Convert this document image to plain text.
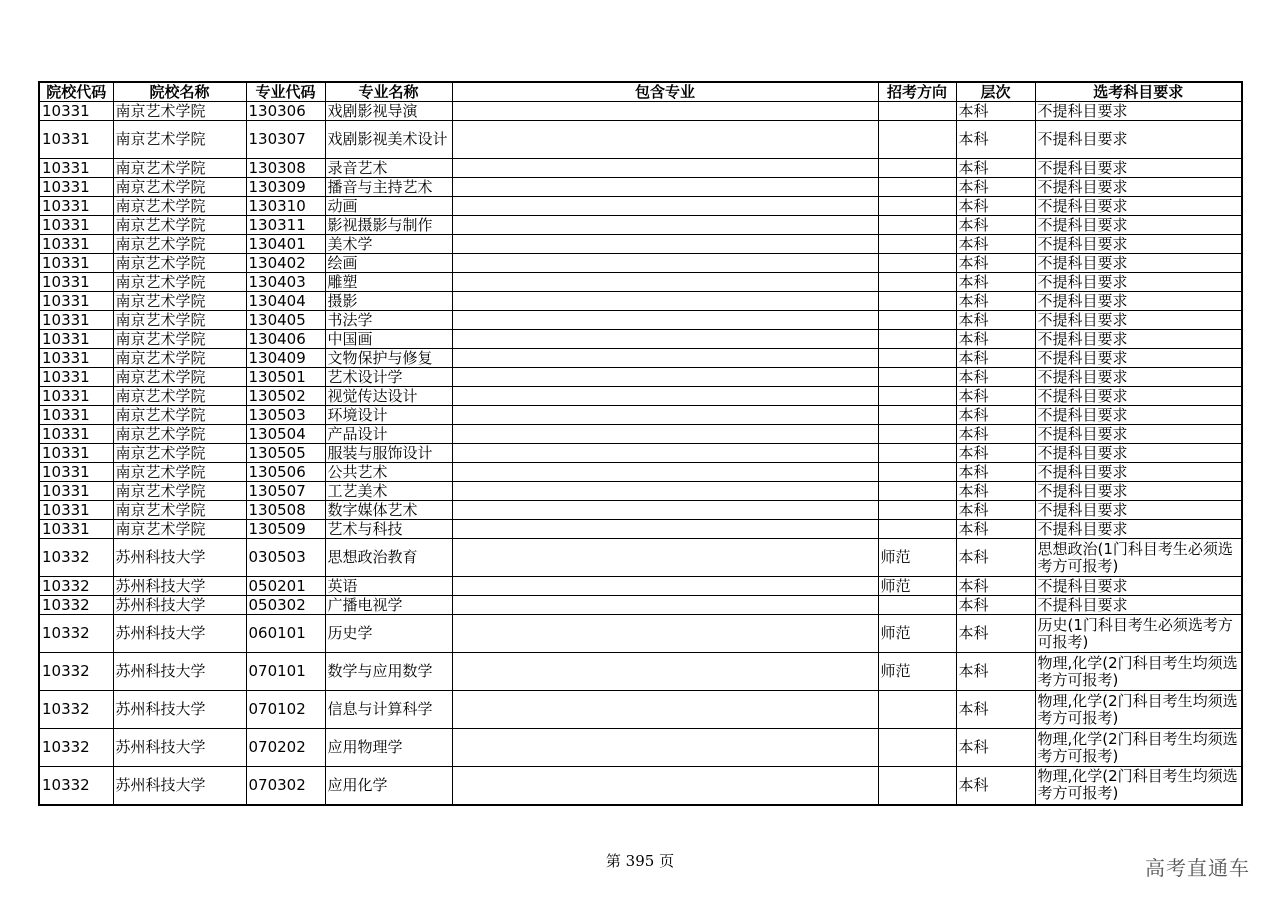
院校代码	院校名称	专业代码	专业名称	包含专业	招考方向	层次	选考科目要求
10331	南京艺术学院	130306	戏剧影视导演			本科	不提科目要求
10331	南京艺术学院	130307	戏剧影视美术设计			本科	不提科目要求
10331	南京艺术学院	130308	录音艺术			本科	不提科目要求
10331	南京艺术学院	130309	播音与主持艺术			本科	不提科目要求
10331	南京艺术学院	130310	动画			本科	不提科目要求
10331	南京艺术学院	130311	影视摄影与制作			本科	不提科目要求
10331	南京艺术学院	130401	美术学			本科	不提科目要求
10331	南京艺术学院	130402	绘画			本科	不提科目要求
10331	南京艺术学院	130403	雕塑			本科	不提科目要求
10331	南京艺术学院	130404	摄影			本科	不提科目要求
10331	南京艺术学院	130405	书法学			本科	不提科目要求
10331	南京艺术学院	130406	中国画			本科	不提科目要求
10331	南京艺术学院	130409	文物保护与修复			本科	不提科目要求
10331	南京艺术学院	130501	艺术设计学			本科	不提科目要求
10331	南京艺术学院	130502	视觉传达设计			本科	不提科目要求
10331	南京艺术学院	130503	环境设计			本科	不提科目要求
10331	南京艺术学院	130504	产品设计			本科	不提科目要求
10331	南京艺术学院	130505	服装与服饰设计			本科	不提科目要求
10331	南京艺术学院	130506	公共艺术			本科	不提科目要求
10331	南京艺术学院	130507	工艺美术			本科	不提科目要求
10331	南京艺术学院	130508	数字媒体艺术			本科	不提科目要求
10331	南京艺术学院	130509	艺术与科技			本科	不提科目要求
10332	苏州科技大学	030503	思想政治教育		师范	本科	思想政治(1门科目考生必须选考方可报考)
10332	苏州科技大学	050201	英语		师范	本科	不提科目要求
10332	苏州科技大学	050302	广播电视学			本科	不提科目要求
10332	苏州科技大学	060101	历史学		师范	本科	历史(1门科目考生必须选考方可报考)
10332	苏州科技大学	070101	数学与应用数学		师范	本科	物理,化学(2门科目考生均须选考方可报考)
10332	苏州科技大学	070102	信息与计算科学			本科	物理,化学(2门科目考生均须选考方可报考)
10332	苏州科技大学	070202	应用物理学			本科	物理,化学(2门科目考生均须选考方可报考)
10332	苏州科技大学	070302	应用化学			本科	物理,化学(2门科目考生均须选考方可报考)
第 395 页	高考直通车
